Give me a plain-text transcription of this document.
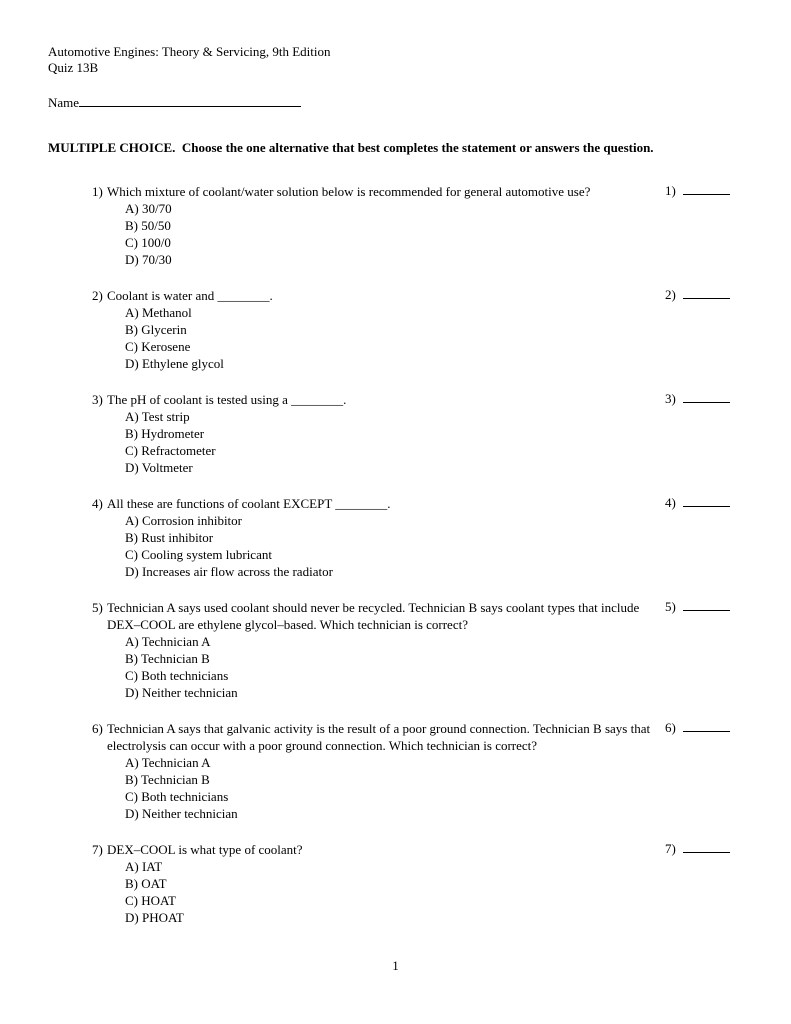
Automotive Engines: Theory & Servicing, 9th Edition
Quiz 13B
Name
MULTIPLE CHOICE.  Choose the one alternative that best completes the statement or answers the question.
1) Which mixture of coolant/water solution below is recommended for general automotive use?
A) 30/70
B) 50/50
C) 100/0
D) 70/30
1)
2) Coolant is water and ________.
A) Methanol
B) Glycerin
C) Kerosene
D) Ethylene glycol
2)
3) The pH of coolant is tested using a ________.
A) Test strip
B) Hydrometer
C) Refractometer
D) Voltmeter
3)
4) All these are functions of coolant EXCEPT ________.
A) Corrosion inhibitor
B) Rust inhibitor
C) Cooling system lubricant
D) Increases air flow across the radiator
4)
5) Technician A says used coolant should never be recycled. Technician B says coolant types that include DEX–COOL are ethylene glycol–based. Which technician is correct?
A) Technician A
B) Technician B
C) Both technicians
D) Neither technician
5)
6) Technician A says that galvanic activity is the result of a poor ground connection. Technician B says that electrolysis can occur with a poor ground connection. Which technician is correct?
A) Technician A
B) Technician B
C) Both technicians
D) Neither technician
6)
7) DEX–COOL is what type of coolant?
A) IAT
B) OAT
C) HOAT
D) PHOAT
7)
1
